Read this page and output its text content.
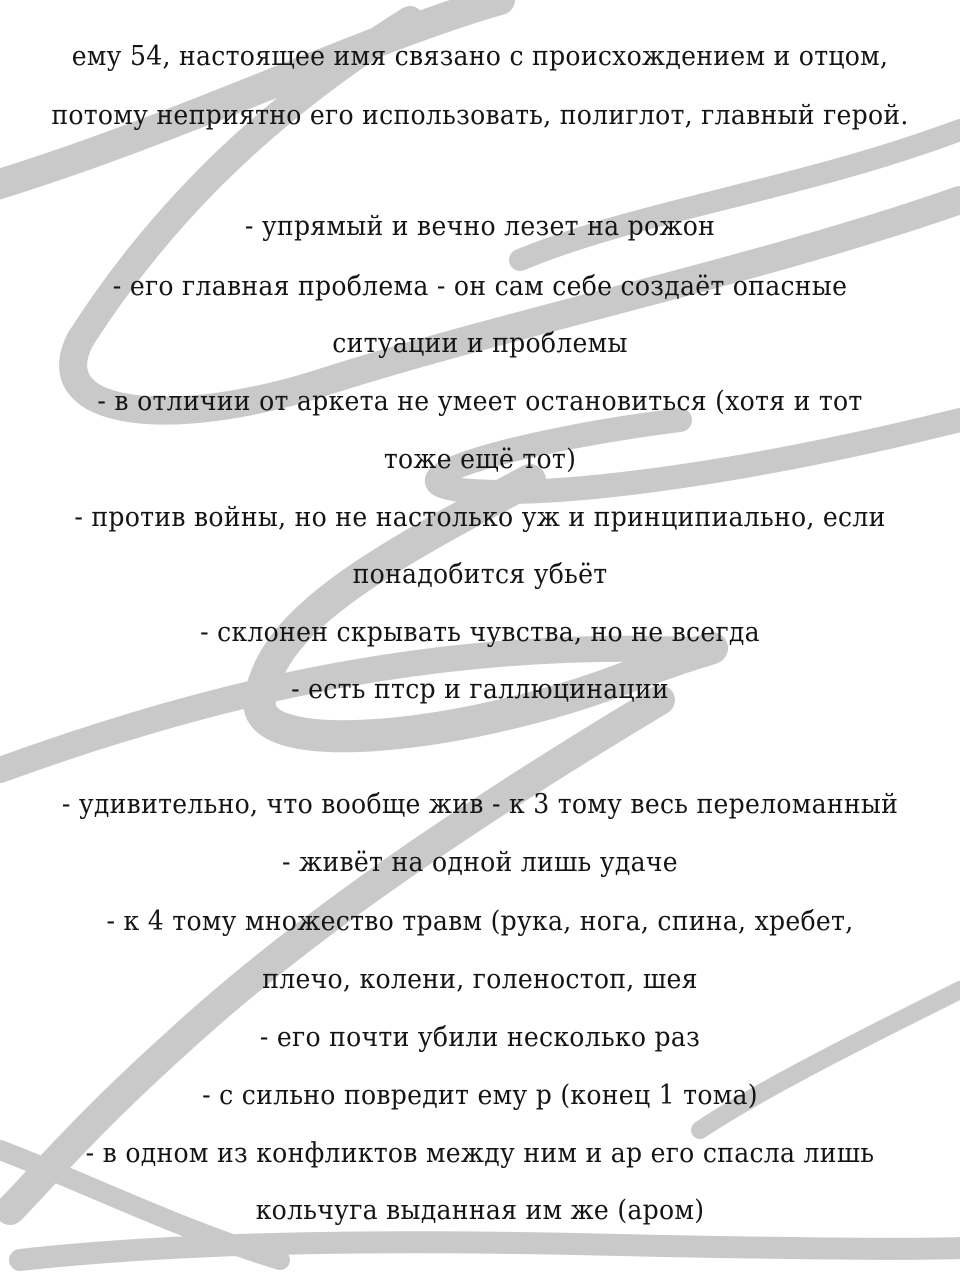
ему 54, настоящее имя связано с происхождением и отцом,
потому неприятно его использовать, полиглот, главный герой.
- упрямый и вечно лезет на рожон
- его главная проблема - он сам себе создаёт опасные
ситуации и проблемы
- в отличии от аркета не умеет остановиться (хотя и тот
тоже ещё тот)
- против войны, но не настолько уж и принципиально, если
понадобится убьёт
- склонен скрывать чувства, но не всегда
- есть птср и галлюцинации
- удивительно, что вообще жив - к 3 тому весь переломанный
- живёт на одной лишь удаче
- к 4 тому множество травм (рука, нога, спина, хребет,
плечо, колени, голеностоп, шея
- его почти убили несколько раз
- с сильно повредит ему р (конец 1 тома)
- в одном из конфликтов между ним и ар его спасла лишь
кольчуга выданная им же (аром)
